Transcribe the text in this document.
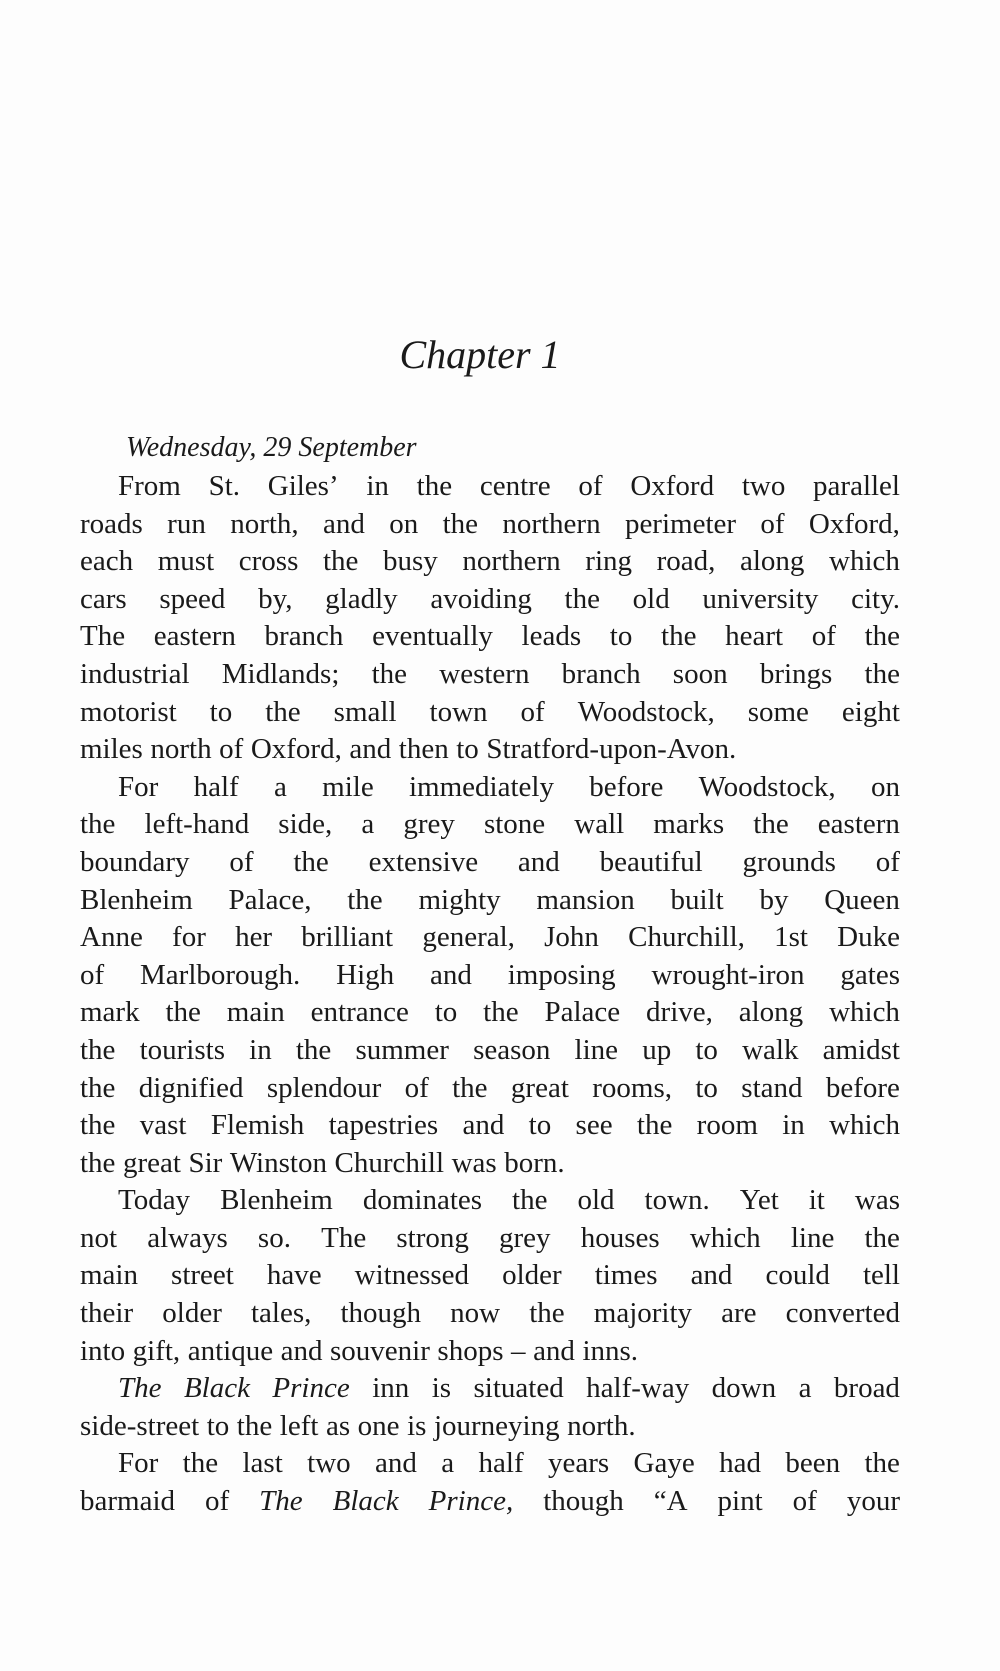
Chapter 1
Wednesday, 29 September
From St. Giles’ in the centre of Oxford two parallel
roads run north, and on the northern perimeter of Oxford,
each must cross the busy northern ring road, along which
cars speed by, gladly avoiding the old university city.
The eastern branch eventually leads to the heart of the
industrial Midlands; the western branch soon brings the
motorist to the small town of Woodstock, some eight
miles north of Oxford, and then to Stratford-upon-Avon.
For half a mile immediately before Woodstock, on
the left-hand side, a grey stone wall marks the eastern
boundary of the extensive and beautiful grounds of
Blenheim Palace, the mighty mansion built by Queen
Anne for her brilliant general, John Churchill, 1st Duke
of Marlborough. High and imposing wrought-iron gates
mark the main entrance to the Palace drive, along which
the tourists in the summer season line up to walk amidst
the dignified splendour of the great rooms, to stand before
the vast Flemish tapestries and to see the room in which
the great Sir Winston Churchill was born.
Today Blenheim dominates the old town. Yet it was
not always so. The strong grey houses which line the
main street have witnessed older times and could tell
their older tales, though now the majority are converted
into gift, antique and souvenir shops – and inns.
The Black Prince inn is situated half-way down a broad
side-street to the left as one is journeying north.
For the last two and a half years Gaye had been the
barmaid of The Black Prince, though “A pint of your
